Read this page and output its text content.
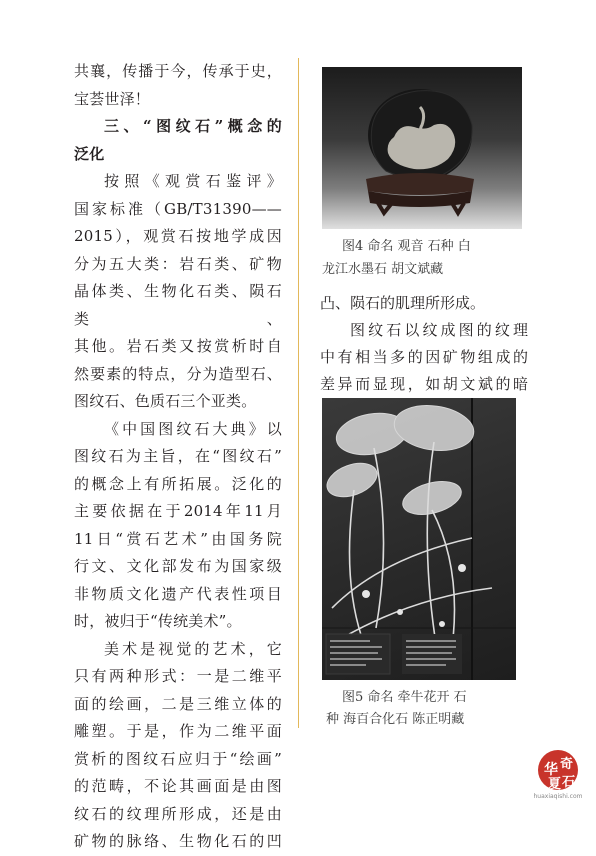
共襄，传播于今，传承于史，

宝荟世泽！

三、“图纹石”概念的

泛化

按照《观赏石鉴评》

国家标准（GB/T31390——

2015），观赏石按地学成因

分为五大类：岩石类、矿物

晶体类、生物化石类、陨石类、

其他。岩石类又按赏析时自

然要素的特点，分为造型石、

图纹石、色质石三个亚类。

《中国图纹石大典》以

图纹石为主旨，在“图纹石”

的概念上有所拓展。泛化的

主要依据在于2014年11月

11日“赏石艺术”由国务院

行文、文化部发布为国家级

非物质文化遗产代表性项目

时，被归于“传统美术”。

美术是视觉的艺术，它

只有两种形式：一是二维平

面的绘画，二是三维立体的

雕塑。于是，作为二维平面

赏析的图纹石应归于“绘画”

的范畴，不论其画面是由图

纹石的纹理所形成，还是由

矿物的脉络、生物化石的凹

图4 命名 观音 石种 白
龙江水墨石 胡文斌藏

凸、陨石的肌理所形成。

图纹石以纹成图的纹理

中有相当多的因矿物组成的

差异而显现，如胡文斌的暗

图5 命名 牵牛花开 石
种 海百合化石 陈正明藏
华 奇
夏 石
huaxiaqishi.com
